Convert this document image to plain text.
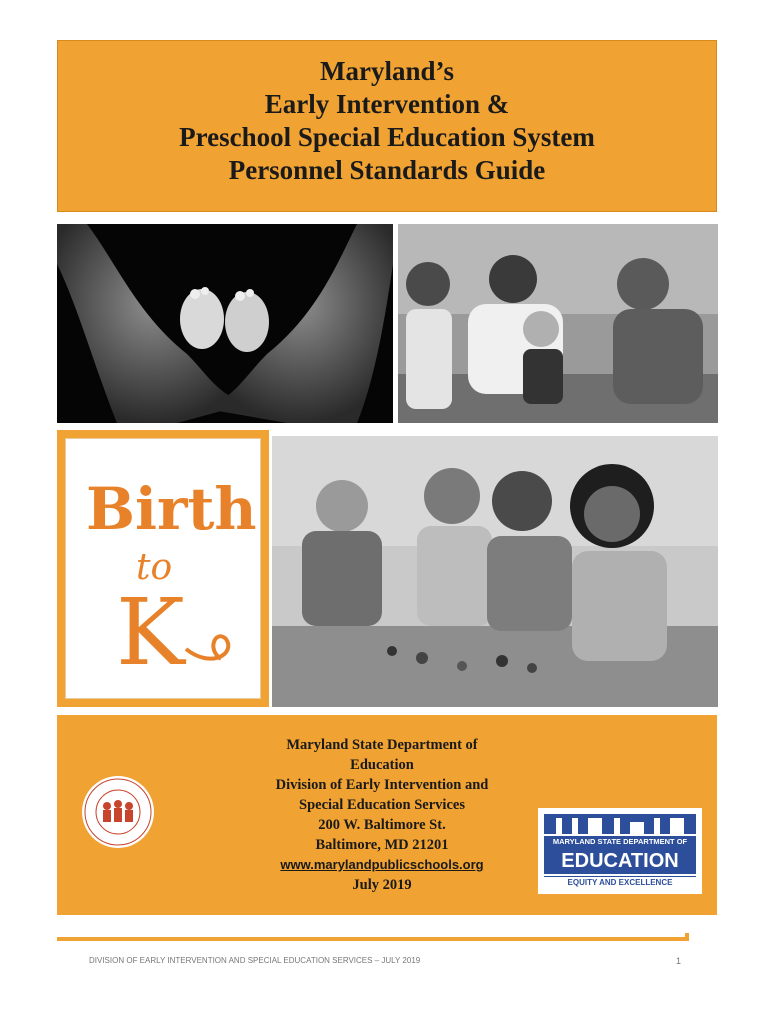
Maryland’s
Early Intervention &
Preschool Special Education System
Personnel Standards Guide
Birth
to
K
Maryland State Department of Education
Division of Early Intervention and
Special Education Services
200 W. Baltimore St.
Baltimore, MD 21201
www.marylandpublicschools.org
July 2019
MARYLAND STATE DEPARTMENT OF
EDUCATION
EQUITY AND EXCELLENCE
DIVISION OF EARLY INTERVENTION AND SPECIAL EDUCATION SERVICES – JULY 2019	1
